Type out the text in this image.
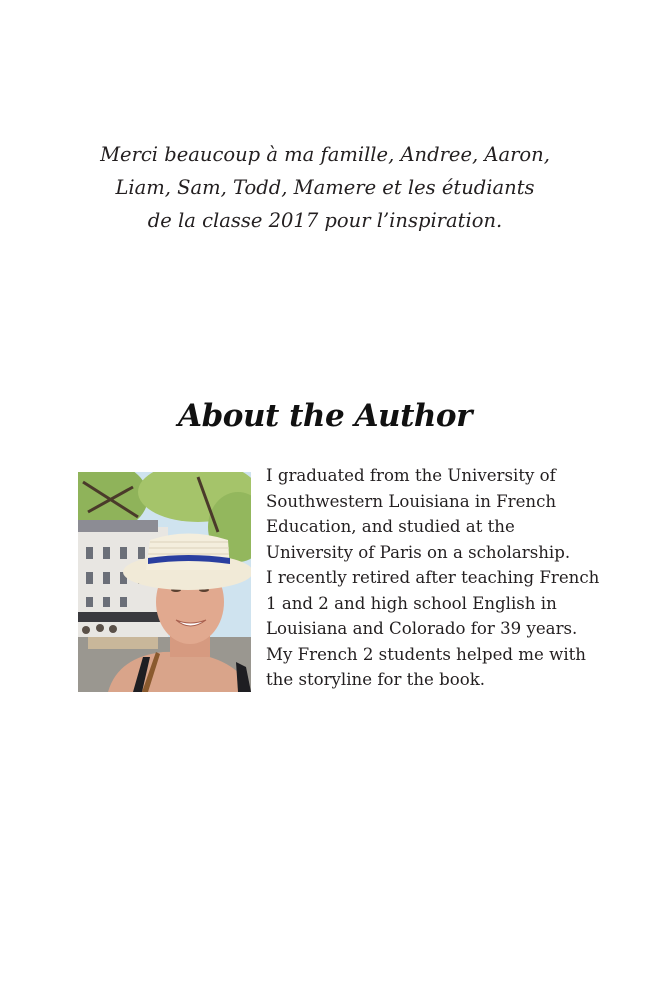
Merci beaucoup à ma famille, Andree, Aaron,
Liam, Sam, Todd, Mamere et les étudiants
de la classe 2017 pour l’inspiration.

About the Author

I graduated from the University of
Southwestern Louisiana in French
Education, and studied at the
University of Paris on a scholarship.
I recently retired after teaching French
1 and 2 and high school English in
Louisiana and Colorado for 39 years.
My French 2 students helped me with
the storyline for the book.
